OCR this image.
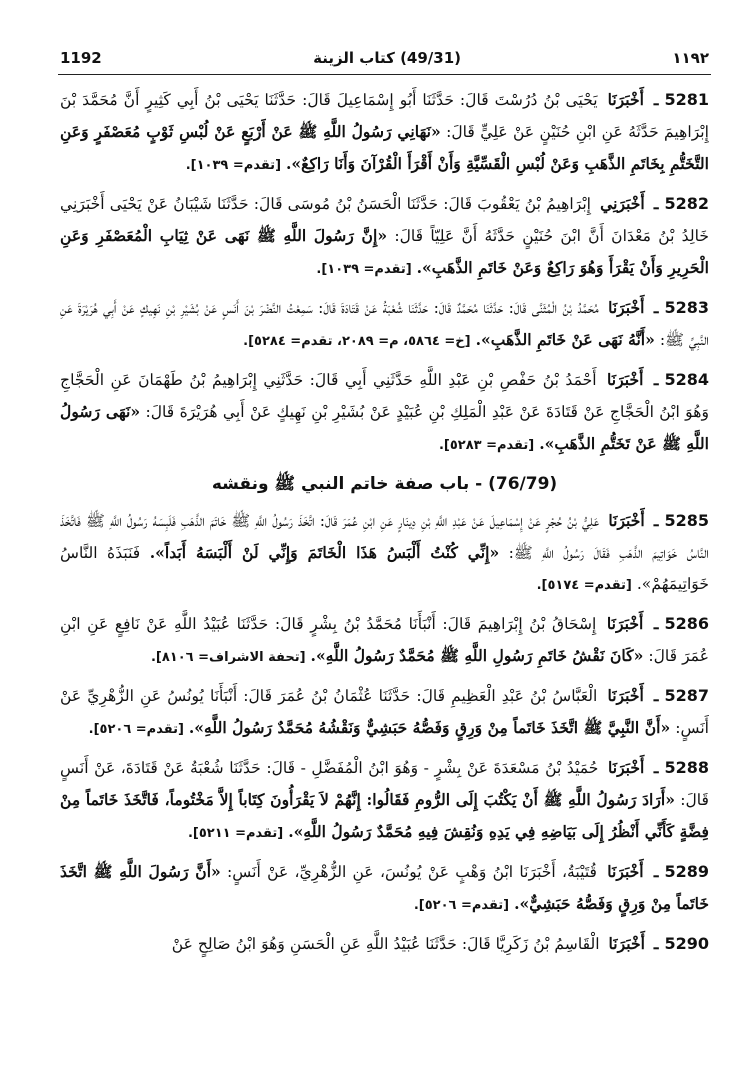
1192	(49/31) كتاب الزينة	١١٩٢

5281ـ أَخْبَرَنَا يَحْيَى بْنُ دُرُسْتَ قَالَ: حَدَّثَنَا أَبُو إِسْمَاعِيلَ قَالَ: حَدَّثَنَا يَحْيَى بْنُ أَبِي كَثِيرٍ أَنَّ مُحَمَّدَ بْنَ إِبْرَاهِيمَ حَدَّثَهُ عَنِ ابْنِ حُنَيْنٍ عَنْ عَلِيٍّ قَالَ: «نَهَانِي رَسُولُ اللَّهِ ﷺ عَنْ أَرْبَعٍ عَنْ لُبْسِ ثَوْبٍ مُعَصْفَرٍ وَعَنِ التَّخَتُّمِ بِخَاتَمِ الذَّهَبِ وَعَنْ لُبْسِ الْقَسِّيَّةِ وَأَنْ أَقْرَأَ الْقُرْآنَ وَأَنَا رَاكِعٌ». [تقدم= ١٠٣٩].

5282ـ أَخْبَرَنِي إِبْرَاهِيمُ بْنُ يَعْقُوبَ قَالَ: حَدَّثَنَا الْحَسَنُ بْنُ مُوسَى قَالَ: حَدَّثَنَا شَيْبَانُ عَنْ يَحْيَى أَخْبَرَنِي خَالِدُ بْنُ مَعْدَانَ أَنَّ ابْنَ حُنَيْنٍ حَدَّثَهُ أَنَّ عَلِيّاً قَالَ: «إِنَّ رَسُولَ اللَّهِ ﷺ نَهَى عَنْ ثِيَابِ الْمُعَصْفَرِ وَعَنِ الْحَرِيرِ وَأَنْ يَقْرَأَ وَهُوَ رَاكِعٌ وَعَنْ خَاتَمِ الذَّهَبِ». [تقدم= ١٠٣٩].

5283ـ أَخْبَرَنَا مُحَمَّدُ بْنُ الْمُثَنَّى قَالَ: حَدَّثَنَا مُحَمَّدٌ قَالَ: حَدَّثَنَا شُعْبَةُ عَنْ قَتَادَةَ قَالَ: سَمِعْتُ النَّضْرَ بْنَ أَنَسٍ عَنْ بُشَيْرِ بْنِ نَهِيكٍ عَنْ أَبِي هُرَيْرَةَ عَنِ النَّبِيِّ ﷺ: «أَنَّهُ نَهَى عَنْ خَاتَمِ الذَّهَبِ». [خ= ٥٨٦٤، م= ٢٠٨٩، تقدم= ٥٢٨٤].

5284ـ أَخْبَرَنَا أَحْمَدُ بْنُ حَفْصِ بْنِ عَبْدِ اللَّهِ حَدَّثَنِي أَبِي قَالَ: حَدَّثَنِي إِبْرَاهِيمُ بْنُ طَهْمَانَ عَنِ الْحَجَّاجِ وَهُوَ ابْنُ الْحَجَّاجِ عَنْ قَتَادَةَ عَنْ عَبْدِ الْمَلِكِ بْنِ عُبَيْدٍ عَنْ بُشَيْرِ بْنِ نَهِيكٍ عَنْ أَبِي هُرَيْرَةَ قَالَ: «نَهَى رَسُولُ اللَّهِ ﷺ عَنْ تَخَتُّمِ الذَّهَبِ». [تقدم= ٥٢٨٣].

(76/79) - باب صفة خاتم النبي ﷺ ونقشه

5285ـ أَخْبَرَنَا عَلِيُّ بْنُ حُجْرٍ عَنْ إِسْمَاعِيلَ عَنْ عَبْدِ اللَّهِ بْنِ دِينَارٍ عَنِ ابْنِ عُمَرَ قَالَ: اتَّخَذَ رَسُولُ اللَّهِ ﷺ خَاتَمَ الذَّهَبِ فَلَبِسَهُ رَسُولُ اللَّهِ ﷺ فَاتَّخَذَ النَّاسُ خَوَاتِيمَ الذَّهَبِ فَقَالَ رَسُولُ اللَّهِ ﷺ: «إِنِّي كُنْتُ أَلْبَسُ هَذَا الْخَاتَمَ وَإِنِّي لَنْ أَلْبَسَهُ أَبَداً». فَنَبَذَهُ النَّاسُ خَوَاتِيمَهُمْ». [تقدم= ٥١٧٤].

5286ـ أَخْبَرَنَا إِسْحَاقُ بْنُ إِبْرَاهِيمَ قَالَ: أَنْبَأَنَا مُحَمَّدُ بْنُ بِشْرٍ قَالَ: حَدَّثَنَا عُبَيْدُ اللَّهِ عَنْ نَافِعٍ عَنِ ابْنِ عُمَرَ قَالَ: «كَانَ نَقْشُ خَاتَمِ رَسُولِ اللَّهِ ﷺ مُحَمَّدٌ رَسُولُ اللَّهِ». [تحفة الاشراف= ٨١٠٦].

5287ـ أَخْبَرَنَا الْعَبَّاسُ بْنُ عَبْدِ الْعَظِيمِ قَالَ: حَدَّثَنَا عُثْمَانُ بْنُ عُمَرَ قَالَ: أَنْبَأَنَا يُونُسُ عَنِ الزُّهْرِيِّ عَنْ أَنَسٍ: «أَنَّ النَّبِيَّ ﷺ اتَّخَذَ خَاتَماً مِنْ وَرِقٍ وَفَصُّهُ حَبَشِيٌّ وَنَقْشُهُ مُحَمَّدٌ رَسُولُ اللَّهِ». [تقدم= ٥٢٠٦].

5288ـ أَخْبَرَنَا حُمَيْدُ بْنُ مَسْعَدَةَ عَنْ بِشْرٍ - وَهُوَ ابْنُ الْمُفَضَّلِ - قَالَ: حَدَّثَنَا شُعْبَةُ عَنْ قَتَادَةَ، عَنْ أَنَسٍ قَالَ: «أَرَادَ رَسُولُ اللَّهِ ﷺ أَنْ يَكْتُبَ إِلَى الرُّومِ فَقَالُوا: إِنَّهُمْ لاَ يَقْرَأُونَ كِتَاباً إِلاَّ مَخْتُوماً، فَاتَّخَذَ خَاتَماً مِنْ فِضَّةٍ كَأَنِّي أَنْظُرُ إِلَى بَيَاضِهِ فِي يَدِهِ وَنُقِشَ فِيهِ مُحَمَّدٌ رَسُولُ اللَّهِ». [تقدم= ٥٢١١].

5289ـ أَخْبَرَنَا قُتَيْبَةُ، أَخْبَرَنَا ابْنُ وَهْبٍ عَنْ يُونُسَ، عَنِ الزُّهْرِيِّ، عَنْ أَنَسٍ: «أَنَّ رَسُولَ اللَّهِ ﷺ اتَّخَذَ خَاتَماً مِنْ وَرِقٍ وَفَصُّهُ حَبَشِيٌّ». [تقدم= ٥٢٠٦].

5290ـ أَخْبَرَنَا الْقَاسِمُ بْنُ زَكَرِيَّا قَالَ: حَدَّثَنَا عُبَيْدُ اللَّهِ عَنِ الْحَسَنِ وَهُوَ ابْنُ صَالِحٍ عَنْ
